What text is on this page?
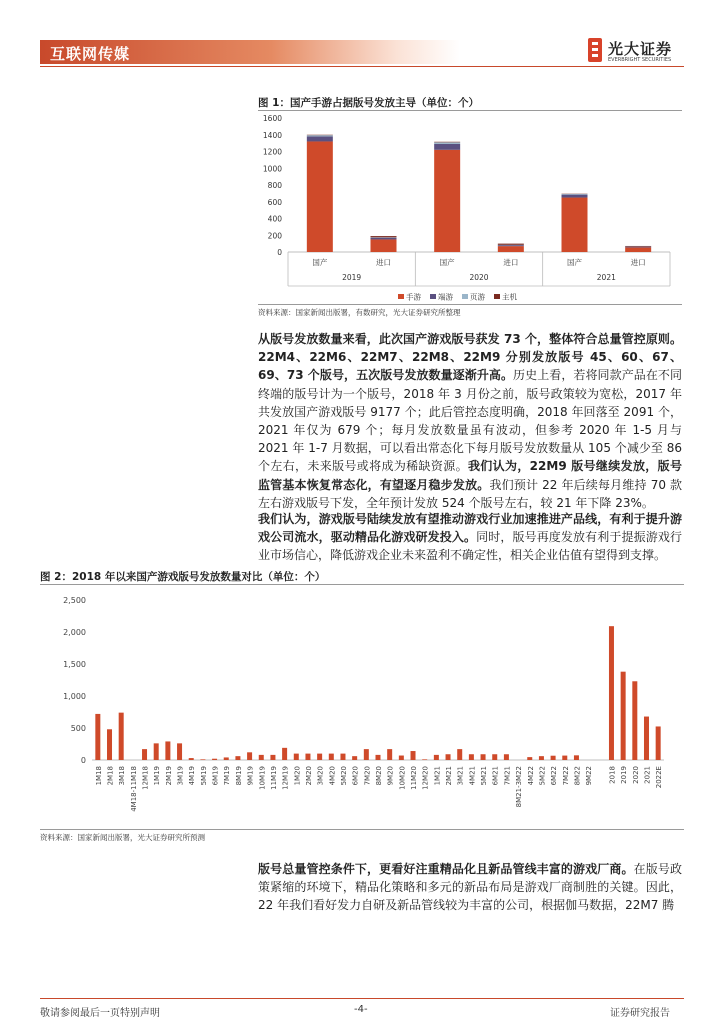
互联网传媒	光大证券
EVERBRIGHT SECURITIES
图 1：国产手游占据版号发放主导（单位：个）
0
200
400
600
800
1000
1200
1400
1600
国产	进口	国产	进口	国产	进口
2019	2020	2021
手游 端游 页游 主机
资料来源：国家新闻出版署，有数研究，光大证券研究所整理

从版号发放数量来看，此次国产游戏版号获发 73 个，整体符合总量管控原则。22M4、22M6、22M7、22M8、22M9 分别发放版号 45、60、67、69、73 个版号，五次版号发放数量逐渐升高。历史上看，若将同款产品在不同终端的版号计为一个版号，2018 年 3 月份之前，版号政策较为宽松，2017 年共发放国产游戏版号 9177 个；此后管控态度明确，2018 年回落至 2091 个，2021 年仅为 679 个；每月发放数量虽有波动，但参考 2020 年 1-5 月与 2021 年 1-7 月数据，可以看出常态化下每月版号发放数量从 105 个减少至 86 个左右，未来版号或将成为稀缺资源。我们认为，22M9 版号继续发放，版号监管基本恢复常态化，有望逐月稳步发放。我们预计 22 年后续每月维持 70 款左右游戏版号下发，全年预计发放 524 个版号左右，较 21 年下降 23%。

我们认为，游戏版号陆续发放有望推动游戏行业加速推进产品线，有利于提升游戏公司流水，驱动精品化游戏研发投入。同时，版号再度发放有利于提振游戏行业市场信心，降低游戏企业未来盈利不确定性，相关企业估值有望得到支撑。

图 2：2018 年以来国产游戏版号发放数量对比（单位：个）
0
500
1,000
1,500
2,000
2,500
1M18 2M18 3M18 4M18-11M18 12M18 1M19 2M19 3M19 4M19 5M19 6M19 7M19 8M19 9M19 10M19 11M19 12M19 1M20 2M20 3M20 4M20 5M20 6M20 7M20 8M20 9M20 10M20 11M20 12M20 1M21 2M21 3M21 4M21 5M21 6M21 7M21 8M21-3M22 4M22 5M22 6M22 7M22 8M22 9M22 2018 2019 2020 2021 2022E
资料来源：国家新闻出版署，光大证券研究所预测

版号总量管控条件下，更看好注重精品化且新品管线丰富的游戏厂商。在版号政策紧缩的环境下，精品化策略和多元的新品布局是游戏厂商制胜的关键。因此，22 年我们看好发力自研及新品管线较为丰富的公司，根据伽马数据，22M7 腾

敬请参阅最后一页特别声明	-4-	证券研究报告
